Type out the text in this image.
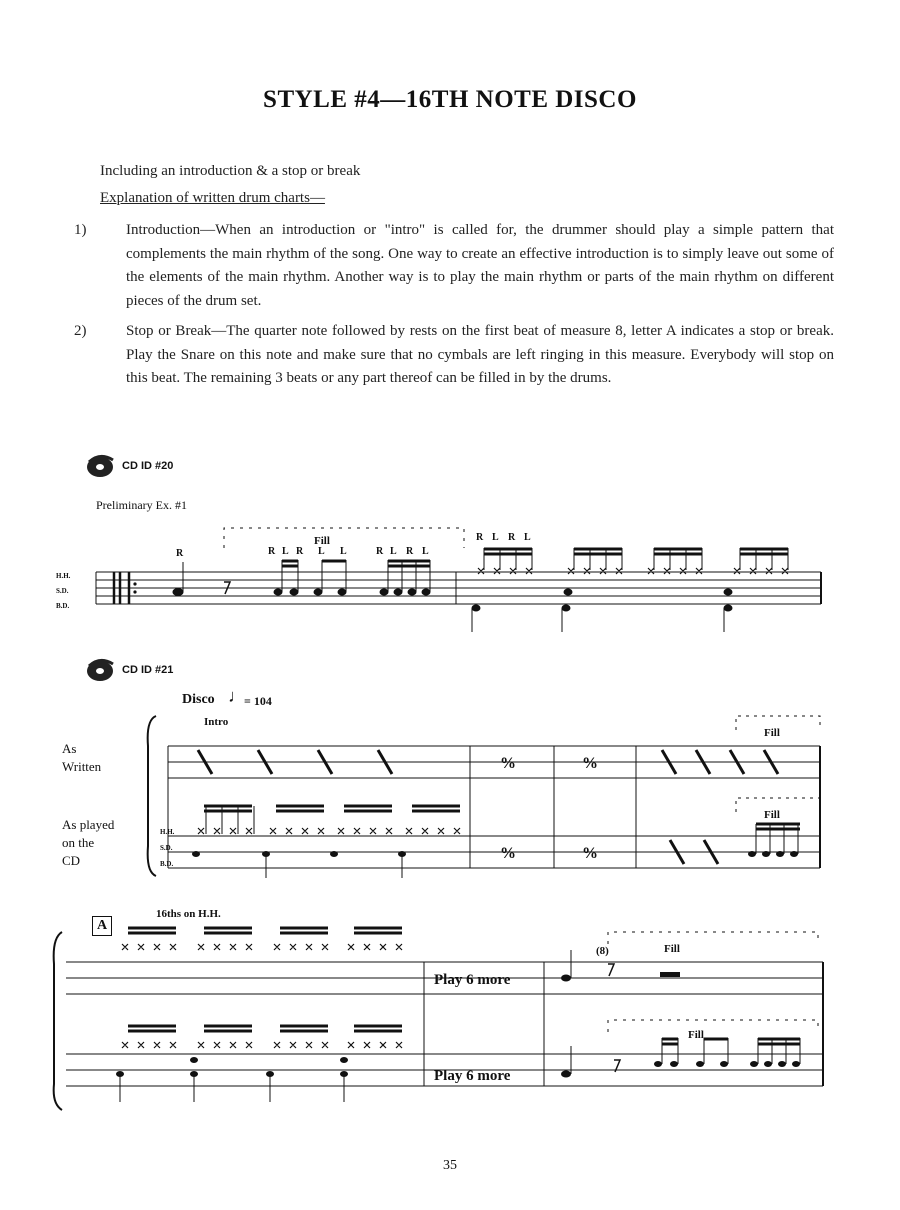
STYLE #4—16TH NOTE DISCO
Including an introduction & a stop or break
Explanation of written drum charts—
1)	Introduction—When an introduction or "intro" is called for, the drummer should play a simple pattern that complements the main rhythm of the song. One way to create an effective introduction is to simply leave out some of the elements of the main rhythm. Another way is to play the main rhythm or parts of the main rhythm on different pieces of the drum set.
2)	Stop or Break—The quarter note followed by rests on the first beat of measure 8, letter A indicates a stop or break. Play the Snare on this note and make sure that no cymbals are left ringing in this measure. Everybody will stop on this beat. The remaining 3 beats or any part thereof can be filled in by the drums.
CD ID #20
Preliminary Ex. #1
R	R L R L L	R L R L
R L R L
Fill
H.H.
S.D.
B.D.
CD ID #21
Disco ♩
= 104
Intro
As
Written
As played
on the
CD
%	%
%	%
Fill
Fill
H.H.
S.D.
B.D.
A
16ths on H.H.
Play 6 more
Play 6 more
(8)	Fill
Fill
35
